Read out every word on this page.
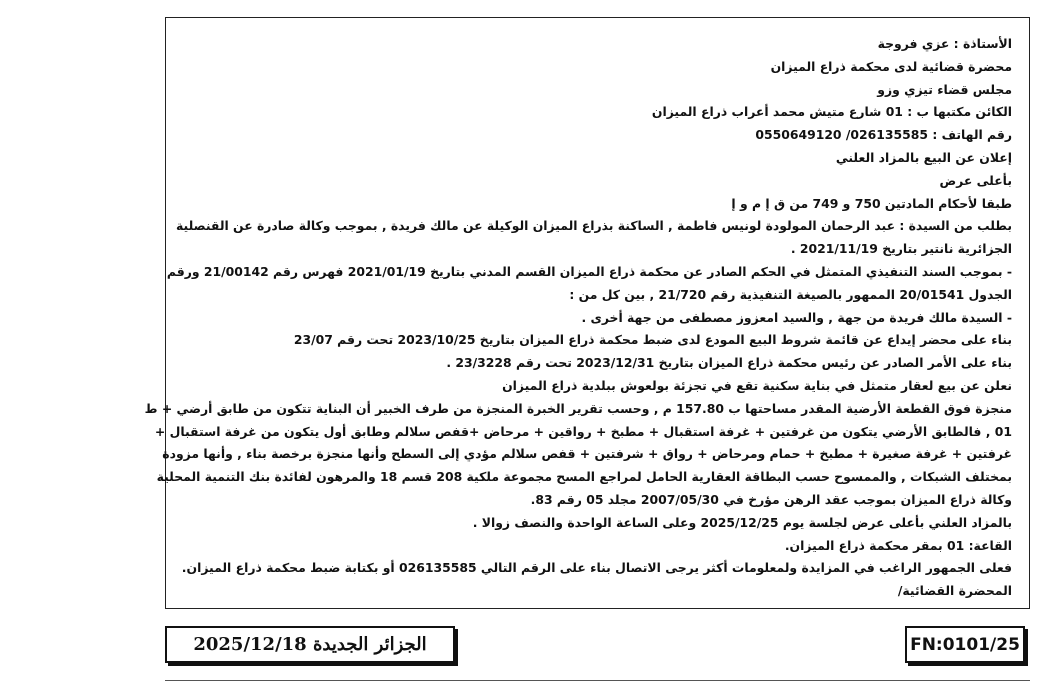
الأستاذة : عزي فروجة
محضرة قضائية لدى محكمة ذراع الميزان
مجلس قضاء تيزي وزو
الكائن مكتبها ب : 01 شارع متيش محمد أعراب ذراع الميزان
رقم الهاتف : 026135585/ 0550649120
إعلان عن البيع بالمزاد العلني
بأعلى عرض
طبقا لأحكام المادتين 750 و 749 من ق إ م و إ
بطلب من السيدة : عبد الرحمان المولودة لونيس فاطمة , الساكنة بذراع الميزان الوكيلة عن مالك فريدة , بموجب وكالة صادرة عن القنصلية
الجزائرية نانتير بتاريخ 2021/11/19 .
- بموجب السند التنفيذي المتمثل في الحكم الصادر عن محكمة ذراع الميزان القسم المدني بتاريخ 2021/01/19 فهرس رقم 21/00142 ورقم
الجدول 20/01541 الممهور بالصيغة التنفيذية رقم 21/720 , بين كل من :
- السيدة مالك فريدة من جهة , والسيد امعزوز مصطفى من جهة أخرى .
بناء على محضر إيداع عن قائمة شروط البيع المودع لدى ضبط محكمة ذراع الميزان بتاريخ 2023/10/25 تحت رقم 23/07
بناء على الأمر الصادر عن رئيس محكمة ذراع الميزان بتاريخ 2023/12/31 تحت رقم 23/3228 .
نعلن عن بيع لعقار متمثل في بناية سكنية تقع في تجزئة بولعوش ببلدية ذراع الميزان
منجزة فوق القطعة الأرضية المقدر مساحتها ب 157.80 م , وحسب تقرير الخبرة المنجزة من طرف الخبير أن البناية تتكون من طابق أرضي + ط
01 , فالطابق الأرضي يتكون من غرفتين + غرفة استقبال + مطبخ + رواقين + مرحاض +قفص سلالم وطابق أول يتكون من غرفة استقبال +
غرفتين + غرفة صغيرة + مطبخ + حمام ومرحاض + رواق + شرفتين + قفص سلالم مؤدي إلى السطح وأنها منجزة برخصة بناء , وأنها مزودة
بمختلف الشبكات , والممسوح حسب البطاقة العقارية الحامل لمراجع المسح مجموعة ملكية 208 قسم 18 والمرهون لفائدة بنك التنمية المحلية
وكالة ذراع الميزان بموجب عقد الرهن مؤرخ في 2007/05/30 مجلد 05 رقم 83.
بالمزاد العلني بأعلى عرض لجلسة يوم 2025/12/25 وعلى الساعة الواحدة والنصف زوالا .
القاعة: 01 بمقر محكمة ذراع الميزان.
فعلى الجمهور الراغب في المزايدة ولمعلومات أكثر يرجى الاتصال بناء على الرقم التالي 026135585 أو بكتابة ضبط محكمة ذراع الميزان.
المحضرة القضائية/
الجزائر الجديدة 2025/12/18	FN:0101/25
